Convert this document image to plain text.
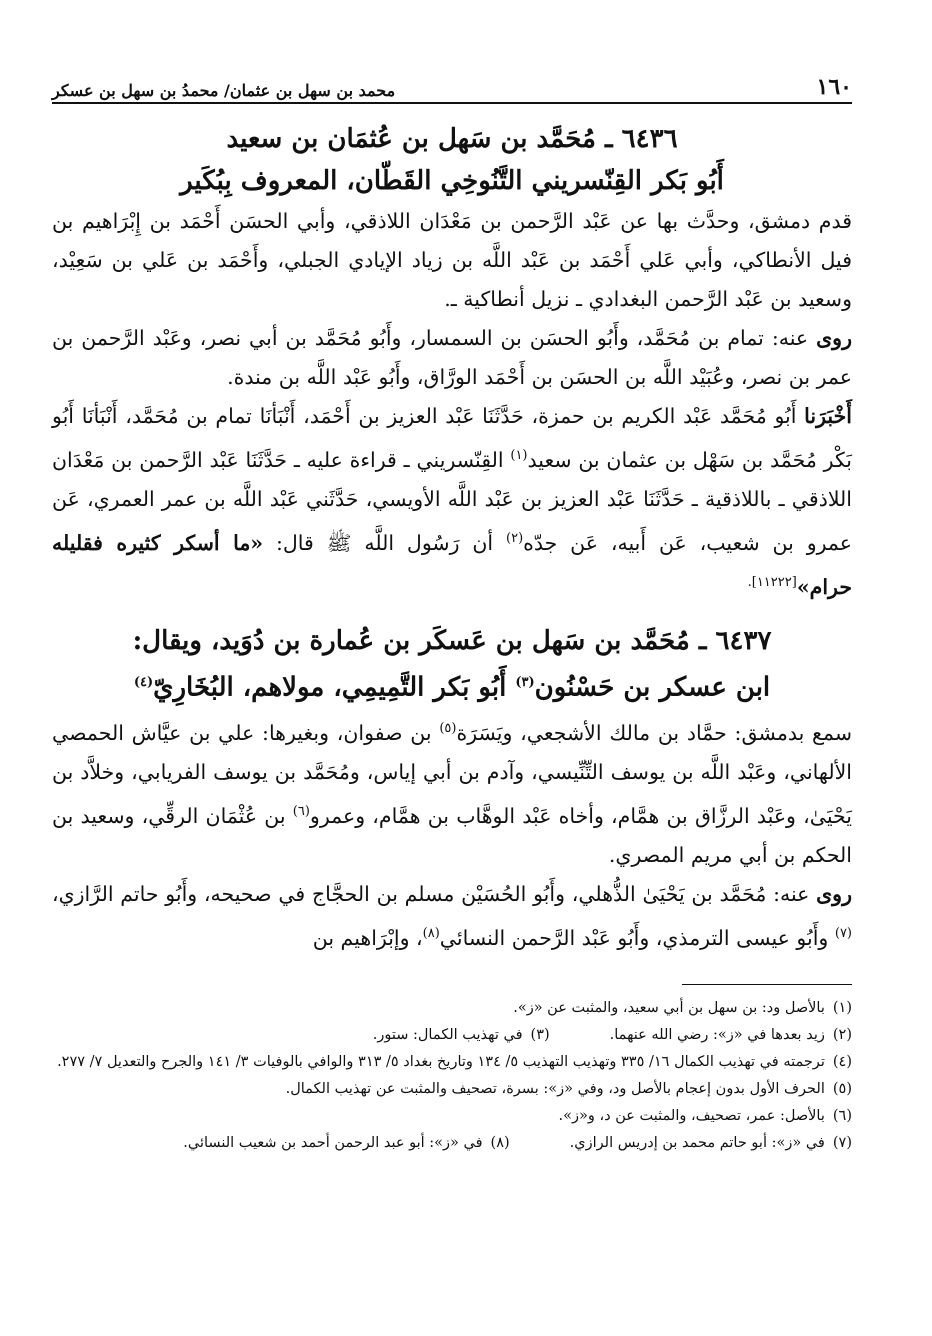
١٦٠
محمد بن سهل بن عثمان/ محمدُ بن سهل بن عسكر
٦٤٣٦ ـ مُحَمَّد بن سَهل بن عُثمَان بن سعيد
أَبُو بَكر القِنّسريني التَّنُوخِي القَطّان، المعروف بِبُكَير

قدم دمشق، وحدَّث بها عن عَبْد الرَّحمن بن مَعْدَان اللاذقي، وأبي الحسَن أَحْمَد بن إِبْرَاهيم بن فيل الأنطاكي، وأبي عَلي أَحْمَد بن عَبْد اللَّه بن زياد الإيادي الجبلي، وأَحْمَد بن عَلي بن سَعِيْد، وسعيد بن عَبْد الرَّحمن البغدادي ـ نزيل أنطاكية ـ.

روى عنه: تمام بن مُحَمَّد، وأَبُو الحسَن بن السمسار، وأَبُو مُحَمَّد بن أبي نصر، وعَبْد الرَّحمن بن عمر بن نصر، وعُبَيْد اللَّه بن الحسَن بن أَحْمَد الورَّاق، وأَبُو عَبْد اللَّه بن مندة.

أَخْبَرَنا أَبُو مُحَمَّد عَبْد الكريم بن حمزة، حَدَّثَنَا عَبْد العزيز بن أَحْمَد، أَنْبَأنَا تمام بن مُحَمَّد، أَنْبَأنَا أَبُو بَكْر مُحَمَّد بن سَهْل بن عثمان بن سعيد$^{(١)}$ القِنّسريني ـ قراءة عليه ـ حَدَّثَنَا عَبْد الرَّحمن بن مَعْدَان اللاذقي ـ باللاذقية ـ حَدَّثَنَا عَبْد العزيز بن عَبْد اللَّه الأويسي، حَدَّثَني عَبْد اللَّه بن عمر العمري، عَن عمرو بن شعيب، عَن أَبيه، عَن جدّه$^{(٢)}$ أن رَسُول اللَّه ﷺ قال: «ما أسكر كثيره فقليله حرام»$^{[١١٢٢٢].}$

٦٤٣٧ ـ مُحَمَّد بن سَهل بن عَسكَر بن عُمارة بن دُوَيد، ويقال:
ابن عسكر بن حَسْنُون$^{(٣)}$ أَبُو بَكر التَّمِيمِي، مولاهم، البُخَارِيّ$^{(٤)}$

سمع بدمشق: حمَّاد بن مالك الأشجعي، ويَسَرَة$^{(٥)}$ بن صفوان، وبغيرها: علي بن عيَّاش الحمصي الألهاني، وعَبْد اللَّه بن يوسف التِّنِّيسي، وآدم بن أبي إياس، ومُحَمَّد بن يوسف الفريابي، وخلاَّد بن يَحْيَىٰ، وعَبْد الرزَّاق بن همَّام، وأخاه عَبْد الوهَّاب بن همَّام، وعمرو$^{(٦)}$ بن عُثْمَان الرقِّي، وسعيد بن الحكم بن أبي مريم المصري.

روى عنه: مُحَمَّد بن يَحْيَىٰ الذُّهلي، وأَبُو الحُسَيْن مسلم بن الحجَّاج في صحيحه، وأَبُو حاتم الرَّازي،$^{(٧)}$ وأَبُو عيسى الترمذي، وأَبُو عَبْد الرَّحمن النسائي$^{(٨)}$، وإبْرَاهيم بن

(١)
بالأصل ود: بن سهل بن أبي سعيد، والمثبت عن «ز».
(٢)
زيد بعدها في «ز»: رضي الله عنهما.
(٣)
في تهذيب الكمال: ستور.
(٤)
ترجمته في تهذيب الكمال ١٦/ ٣٣٥ وتهذيب التهذيب ٥/ ١٣٤ وتاريخ بغداد ٥/ ٣١٣ والوافي بالوفيات ٣/ ١٤١ والجرح والتعديل ٧/ ٢٧٧.
(٥)
الحرف الأول بدون إعجام بالأصل ود، وفي «ز»: بسرة، تصحيف والمثبت عن تهذيب الكمال.
(٦)
بالأصل: عمر، تصحيف، والمثبت عن د، و«ز».
(٧)
في «ز»: أبو حاتم محمد بن إدريس الرازي.
(٨)
في «ز»: أبو عبد الرحمن أحمد بن شعيب النسائي.
